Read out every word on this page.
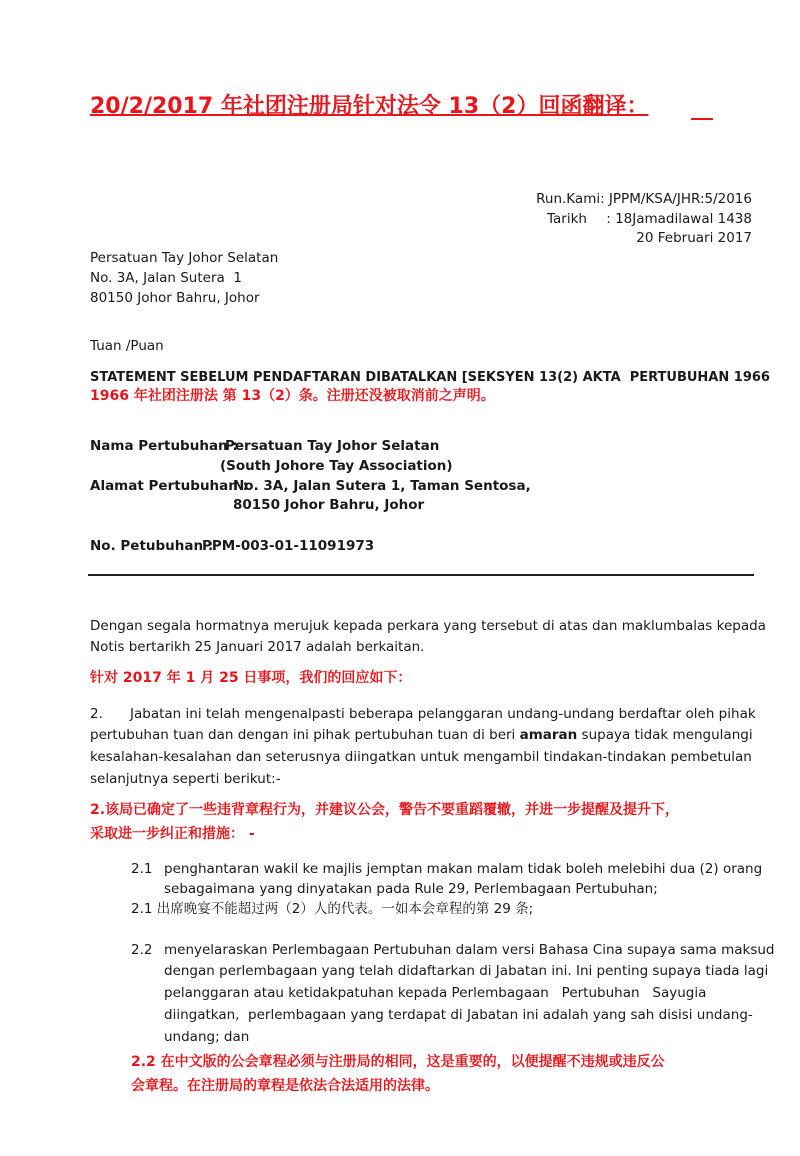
20/2/2017 年社团注册局针对法令 13（2）回函翻译：
Run.Kami: JPPM/KSA/JHR:5/2016
Tarikh : 18Jamadilawal 1438
20 Februari 2017
Persatuan Tay Johor Selatan
No. 3A, Jalan Sutera  1
80150 Johor Bahru, Johor
Tuan /Puan
STATEMENT SEBELUM PENDAFTARAN DIBATALKAN [SEKSYEN 13(2) AKTA  PERTUBUHAN 1966
1966 年社团注册法 第 13（2）条。注册还没被取消前之声明。
Nama Pertubuhan :
Persatuan Tay Johor Selatan
(South Johore Tay Association)
Alamat Pertubuhan :
No. 3A, Jalan Sutera 1, Taman Sentosa,
80150 Johor Bahru, Johor
No. Petubuhan :
PPM-003-01-11091973
Dengan segala hormatnya merujuk kepada perkara yang tersebut di atas dan maklumbalas kepada
Notis bertarikh 25 Januari 2017 adalah berkaitan.
针对 2017 年 1 月 25 日事项，我们的回应如下：
2. Jabatan ini telah mengenalpasti beberapa pelanggaran undang-undang berdaftar oleh pihak
pertubuhan tuan dan dengan ini pihak pertubuhan tuan di beri amaran supaya tidak mengulangi
kesalahan-kesalahan dan seterusnya diingatkan untuk mengambil tindakan-tindakan pembetulan
selanjutnya seperti berikut:-
2.该局已确定了一些违背章程行为，并建议公会，警告不要重蹈覆辙，并进一步提醒及提升下，
采取进一步纠正和措施： -
2.1 penghantaran wakil ke majlis jemptan makan malam tidak boleh melebihi dua (2) orang
sebagaimana yang dinyatakan pada Rule 29, Perlembagaan Pertubuhan;
2.1 出席晚宴不能超过两（2）人的代表。一如本会章程的第 29 条;
2.2 menyelaraskan Perlembagaan Pertubuhan dalam versi Bahasa Cina supaya sama maksud
dengan perlembagaan yang telah didaftarkan di Jabatan ini. Ini penting supaya tiada lagi
pelanggaran atau ketidakpatuhan kepada Perlembagaan   Pertubuhan   Sayugia
diingatkan,  perlembagaan yang terdapat di Jabatan ini adalah yang sah disisi undang-
undang; dan
2.2 在中文版的公会章程必须与注册局的相同，这是重要的，以便提醒不违规或违反公
会章程。在注册局的章程是依法合法适用的法律。
